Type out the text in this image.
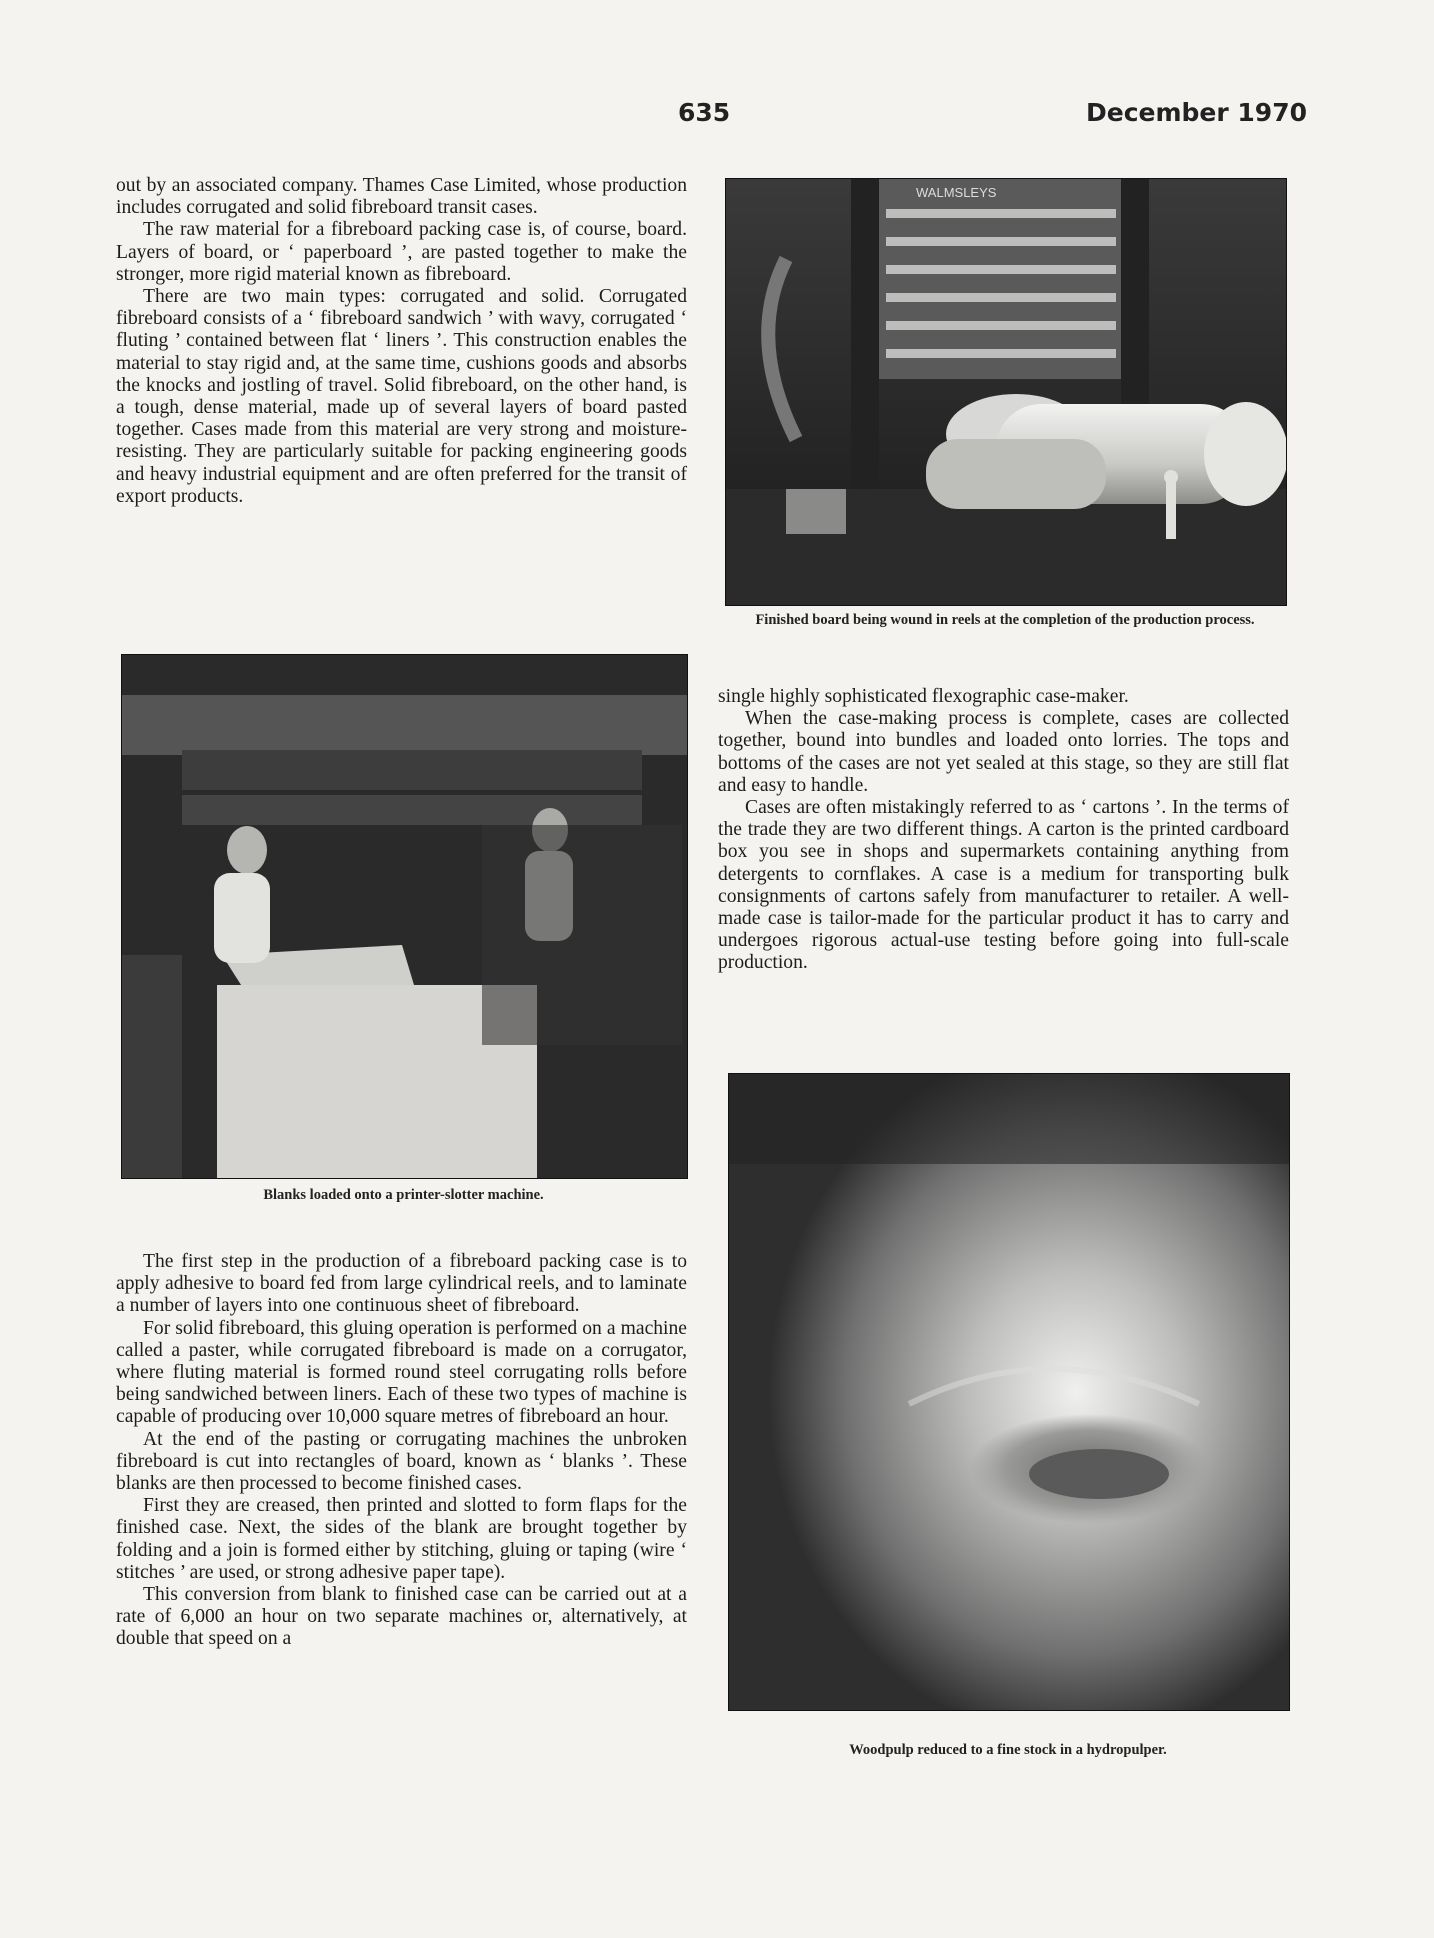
635	December 1970

out by an associated company. Thames Case Limited, whose production includes corrugated and solid fibreboard transit cases.

The raw material for a fibreboard packing case is, of course, board. Layers of board, or ‘ paperboard ’, are pasted together to make the stronger, more rigid material known as fibreboard.

There are two main types: corrugated and solid. Corrugated fibreboard consists of a ‘ fibreboard sandwich ’ with wavy, corrugated ‘ fluting ’ contained between flat ‘ liners ’. This construction enables the material to stay rigid and, at the same time, cushions goods and absorbs the knocks and jostling of travel. Solid fibreboard, on the other hand, is a tough, dense material, made up of several layers of board pasted together. Cases made from this material are very strong and moisture-resisting. They are particularly suitable for packing engineering goods and heavy industrial equipment and are often preferred for the transit of export products.

WALMSLEYS
Finished board being wound in reels at the completion of the production process.
Blanks loaded onto a printer-slotter machine.

The first step in the production of a fibreboard packing case is to apply adhesive to board fed from large cylindrical reels, and to laminate a number of layers into one continuous sheet of fibreboard.

For solid fibreboard, this gluing operation is performed on a machine called a paster, while corrugated fibreboard is made on a corrugator, where fluting material is formed round steel corrugating rolls before being sandwiched between liners. Each of these two types of machine is capable of producing over 10,000 square metres of fibreboard an hour.

At the end of the pasting or corrugating machines the unbroken fibreboard is cut into rectangles of board, known as ‘ blanks ’. These blanks are then processed to become finished cases.

First they are creased, then printed and slotted to form flaps for the finished case. Next, the sides of the blank are brought together by folding and a join is formed either by stitching, gluing or taping (wire ‘ stitches ’ are used, or strong adhesive paper tape).

This conversion from blank to finished case can be carried out at a rate of 6,000 an hour on two separate machines or, alternatively, at double that speed on a

single highly sophisticated flexographic case-maker.

When the case-making process is complete, cases are collected together, bound into bundles and loaded onto lorries. The tops and bottoms of the cases are not yet sealed at this stage, so they are still flat and easy to handle.

Cases are often mistakingly referred to as ‘ cartons ’. In the terms of the trade they are two different things. A carton is the printed cardboard box you see in shops and supermarkets containing anything from detergents to cornflakes. A case is a medium for transporting bulk consignments of cartons safely from manufacturer to retailer. A well-made case is tailor-made for the particular product it has to carry and undergoes rigorous actual-use testing before going into full-scale production.

Woodpulp reduced to a fine stock in a hydropulper.
